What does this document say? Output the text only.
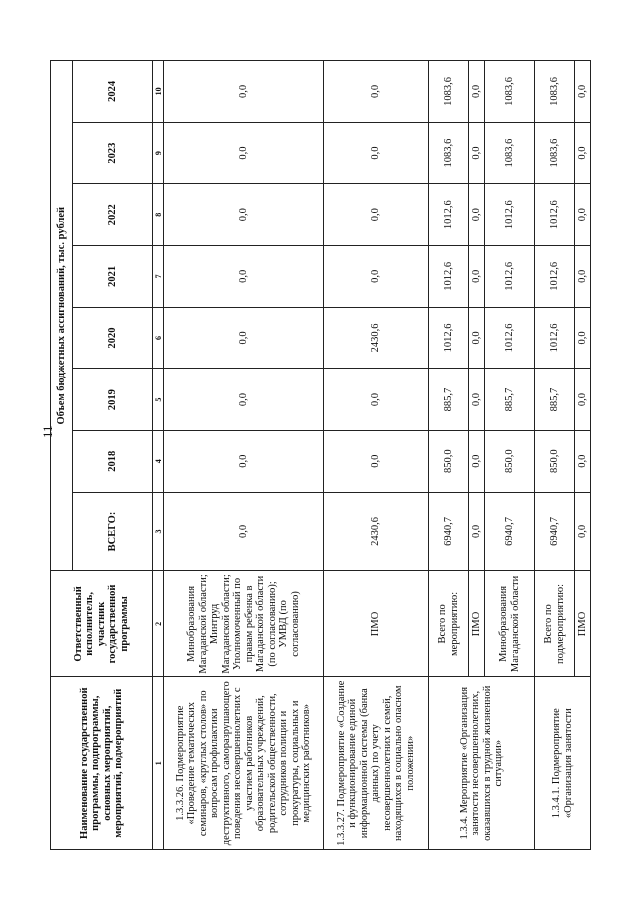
11
Наименование государственной программы, подпрограммы, основных мероприятий, мероприятий, подмероприятий	Ответственный исполнитель, участник государственной программы	Объем бюджетных ассигнований, тыс. рублей							
		ВСЕГО:	2018	2019	2020	2021	2022	2023	2024
1	2	3	4	5	6	7	8	9	10
1.3.3.26. Подмероприятие «Проведение тематических семинаров, «круглых столов» по вопросам профилактики деструктивного, саморазрушающего поведения несовершеннолетних с участием работников образовательных учреждений, родительской общественности, сотрудников полиции и прокуратуры, социальных и медицинских работников»	Минобразования Магаданской области; Минтруд Магаданской области; Уполномоченный по правам ребенка в Магаданской области (по согласованию); УМВД (по согласованию)	0,0	0,0	0,0	0,0	0,0	0,0	0,0	0,0
1.3.3.27. Подмероприятие «Создание и функционирование единой информационной системы (банка данных) по учету несовершеннолетних и семей, находящихся в социально опасном положении»	ПМО	2430,6	0,0	0,0	2430,6	0,0	0,0	0,0	0,0
1.3.4. Мероприятие «Организация занятости несовершеннолетних, оказавшихся в трудной жизненной ситуации»	Всего по мероприятию:	6940,7	850,0	885,7	1012,6	1012,6	1012,6	1083,6	1083,6
	ПМО	0,0	0,0	0,0	0,0	0,0	0,0	0,0	0,0
	Минобразования Магаданской области	6940,7	850,0	885,7	1012,6	1012,6	1012,6	1083,6	1083,6
1.3.4.1. Подмероприятие «Организация занятости	Всего по подмероприятию:	6940,7	850,0	885,7	1012,6	1012,6	1012,6	1083,6	1083,6
	ПМО	0,0	0,0	0,0	0,0	0,0	0,0	0,0	0,0
